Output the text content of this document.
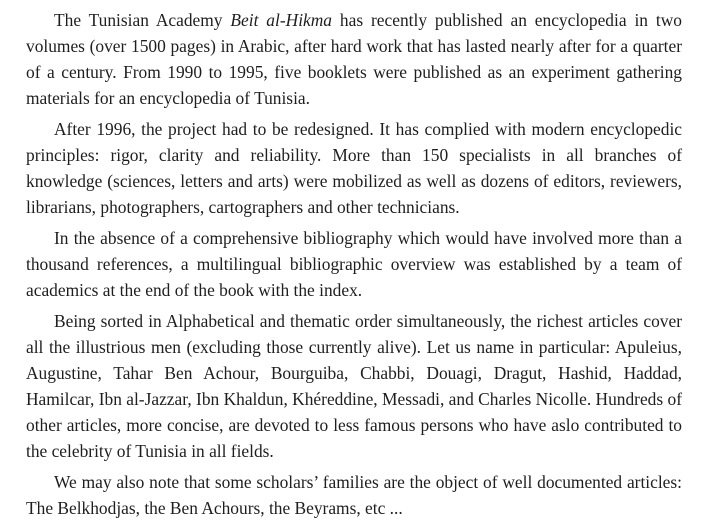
The Tunisian Academy Beit al-Hikma has recently published an encyclopedia in two volumes (over 1500 pages) in Arabic, after hard work that has lasted nearly after for a quarter of a century. From 1990 to 1995, five booklets were published as an experiment gathering materials for an encyclopedia of Tunisia.

After 1996, the project had to be redesigned. It has complied with modern encyclopedic principles: rigor, clarity and reliability. More than 150 specialists in all branches of knowledge (sciences, letters and arts) were mobilized as well as dozens of editors, reviewers, librarians, photographers, cartographers and other technicians.

In the absence of a comprehensive bibliography which would have involved more than a thousand references, a multilingual bibliographic overview was established by a team of academics at the end of the book with the index.

Being sorted in Alphabetical and thematic order simultaneously, the richest articles cover all the illustrious men (excluding those currently alive). Let us name in particular: Apuleius, Augustine, Tahar Ben Achour, Bourguiba, Chabbi, Douagi, Dragut, Hashid, Haddad, Hamilcar, Ibn al-Jazzar, Ibn Khaldun, Khéreddine, Messadi, and Charles Nicolle. Hundreds of other articles, more concise, are devoted to less famous persons who have aslo contributed to the celebrity of Tunisia in all fields.

We may also note that some scholars’ families are the object of well documented articles: The Belkhodjas, the Ben Achours, the Beyrams, etc ...
